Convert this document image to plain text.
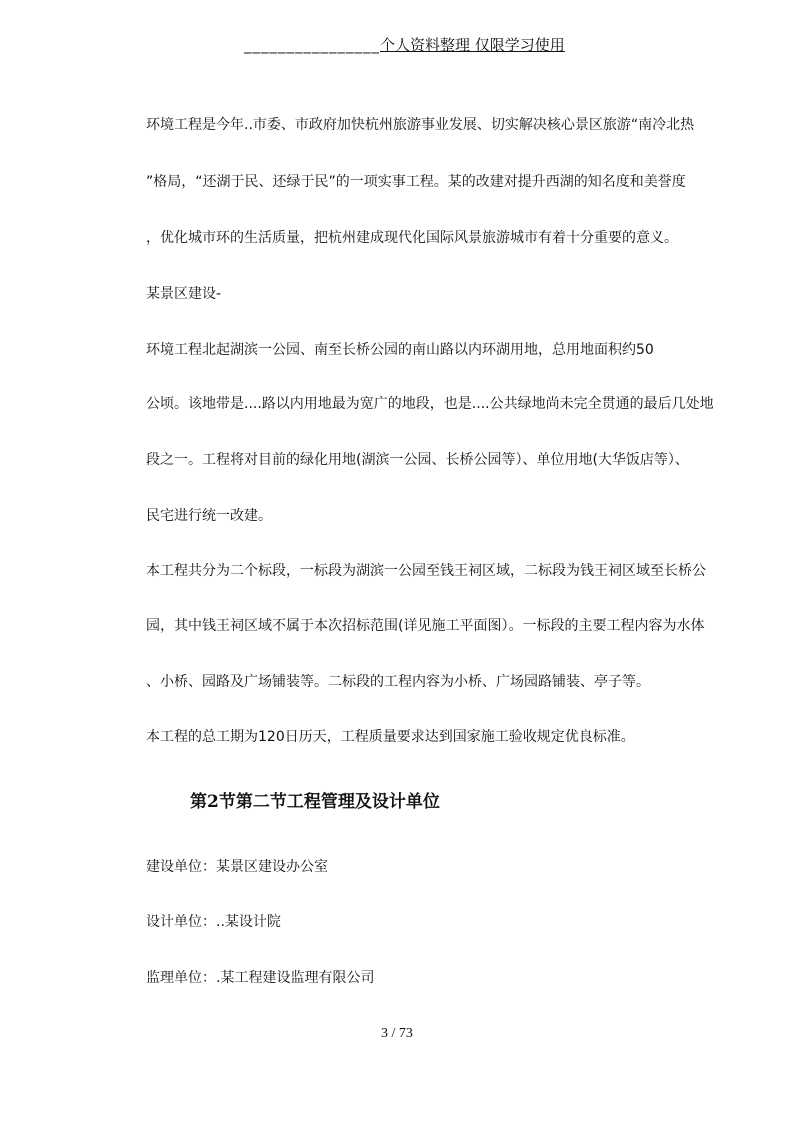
________________个人资料整理 仅限学习使用

环境工程是今年..市委、市政府加快杭州旅游事业发展、切实解决核心景区旅游“南冷北热

”格局，“还湖于民、还绿于民”的一项实事工程。某的改建对提升西湖的知名度和美誉度

，优化城市环的生活质量，把杭州建成现代化国际风景旅游城市有着十分重要的意义。

某景区建设-

环境工程北起湖滨一公园、南至长桥公园的南山路以内环湖用地，总用地面积约50

公顷。该地带是....路以内用地最为宽广的地段，也是....公共绿地尚未完全贯通的最后几处地

段之一。工程将对目前的绿化用地(湖滨一公园、长桥公园等）、单位用地(大华饭店等）、

民宅进行统一改建。

本工程共分为二个标段，一标段为湖滨一公园至钱王祠区域，二标段为钱王祠区域至长桥公

园，其中钱王祠区域不属于本次招标范围(详见施工平面图）。一标段的主要工程内容为水体

、小桥、园路及广场铺装等。二标段的工程内容为小桥、广场园路铺装、亭子等。

本工程的总工期为120日历天，工程质量要求达到国家施工验收规定优良标准。

第2节第二节工程管理及设计单位

建设单位：某景区建设办公室

设计单位：..某设计院

监理单位：.某工程建设监理有限公司

3 / 73
